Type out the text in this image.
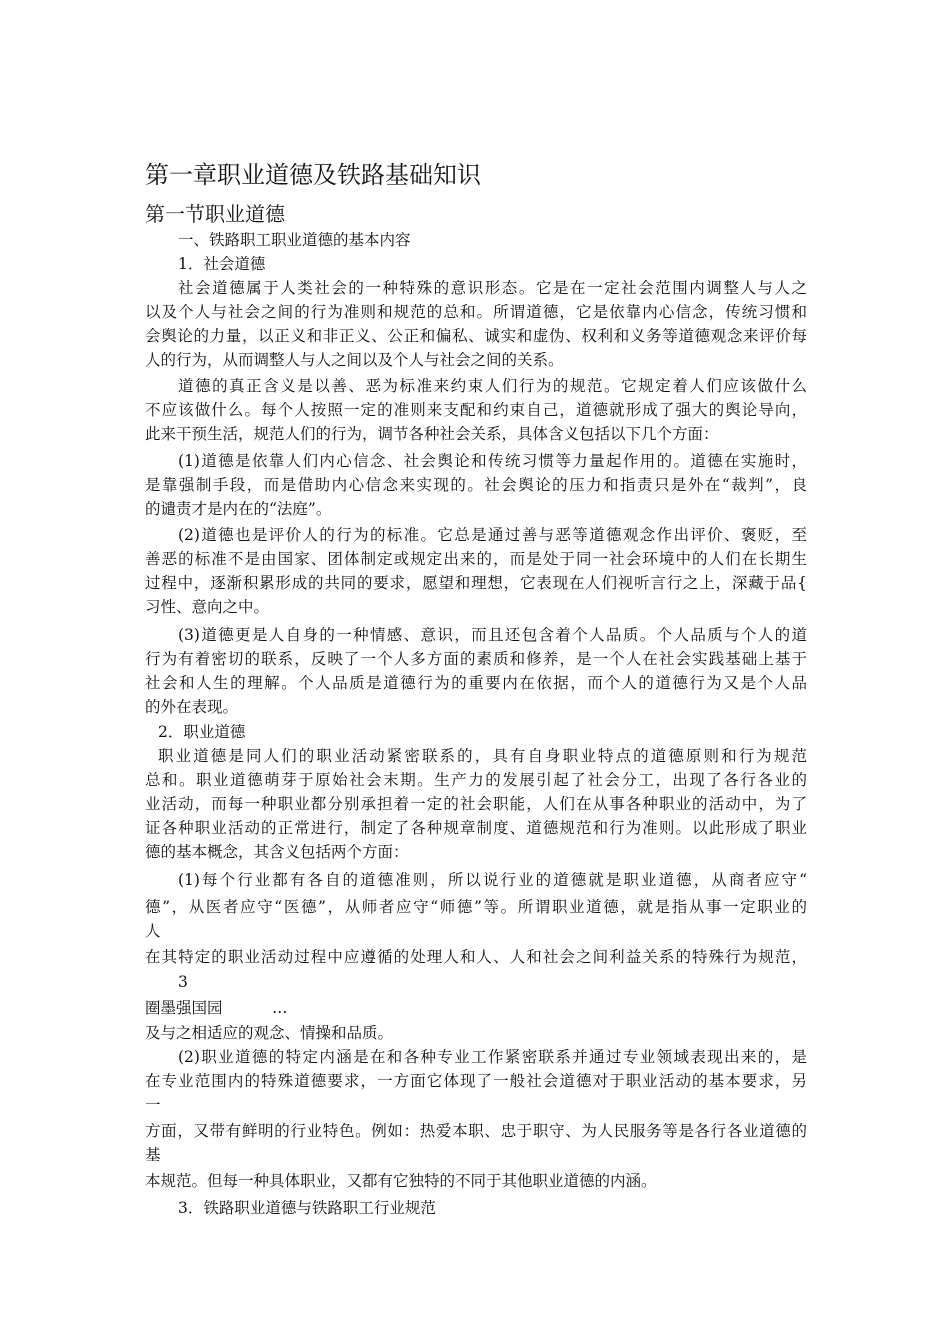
第一章职业道德及铁路基础知识
第一节职业道德
一、铁路职工职业道德的基本内容
1．社会道德
社会道德属于人类社会的一种特殊的意识形态。它是在一定社会范围内调整人与人之
以及个人与社会之间的行为准则和规范的总和。所谓道德，它是依靠内心信念，传统习惯和
会舆论的力量，以正义和非正义、公正和偏私、诚实和虚伪、权利和义务等道德观念来评价每
人的行为，从而调整人与人之间以及个人与社会之间的关系。
道德的真正含义是以善、恶为标准来约束人们行为的规范。它规定着人们应该做什么
不应该做什么。每个人按照一定的准则来支配和约束自己，道德就形成了强大的舆论导向，
此来干预生活，规范人们的行为，调节各种社会关系，具体含义包括以下几个方面：
(1)道德是依靠人们内心信念、社会舆论和传统习惯等力量起作用的。道德在实施时，
是靠强制手段，而是借助内心信念来实现的。社会舆论的压力和指责只是外在“裁判”，良
的谴责才是内在的“法庭”。
(2)道德也是评价人的行为的标准。它总是通过善与恶等道德观念作出评价、褒贬，至
善恶的标准不是由国家、团体制定或规定出来的，而是处于同一社会环境中的人们在长期生
过程中，逐渐积累形成的共同的要求，愿望和理想，它表现在人们视听言行之上，深藏于品{
习性、意向之中。
(3)道德更是人自身的一种情感、意识，而且还包含着个人品质。个人品质与个人的道
行为有着密切的联系，反映了一个人多方面的素质和修养，是一个人在社会实践基础上基于
社会和人生的理解。个人品质是道德行为的重要内在依据，而个人的道德行为又是个人品
的外在表现。
2．职业道德
职业道德是同人们的职业活动紧密联系的，具有自身职业特点的道德原则和行为规范
总和。职业道德萌芽于原始社会末期。生产力的发展引起了社会分工，出现了各行各业的
业活动，而每一种职业都分别承担着一定的社会职能，人们在从事各种职业的活动中，为了
证各种职业活动的正常进行，制定了各种规章制度、道德规范和行为准则。以此形成了职业
德的基本概念，其含义包括两个方面：
(1)每个行业都有各自的道德准则，所以说行业的道德就是职业道德，从商者应守“
德”，从医者应守“医德”，从师者应守“师德”等。所谓职业道德，就是指从事一定职业的
人
在其特定的职业活动过程中应遵循的处理人和人、人和社会之间利益关系的特殊行为规范，
3
圈墨强国园	…
及与之相适应的观念、情操和品质。
(2)职业道德的特定内涵是在和各种专业工作紧密联系并通过专业领域表现出来的，是
在专业范围内的特殊道德要求，一方面它体现了一般社会道德对于职业活动的基本要求，另
一
方面，又带有鲜明的行业特色。例如：热爱本职、忠于职守、为人民服务等是各行各业道德的
基
本规范。但每一种具体职业，又都有它独特的不同于其他职业道德的内涵。
3．铁路职业道德与铁路职工行业规范
